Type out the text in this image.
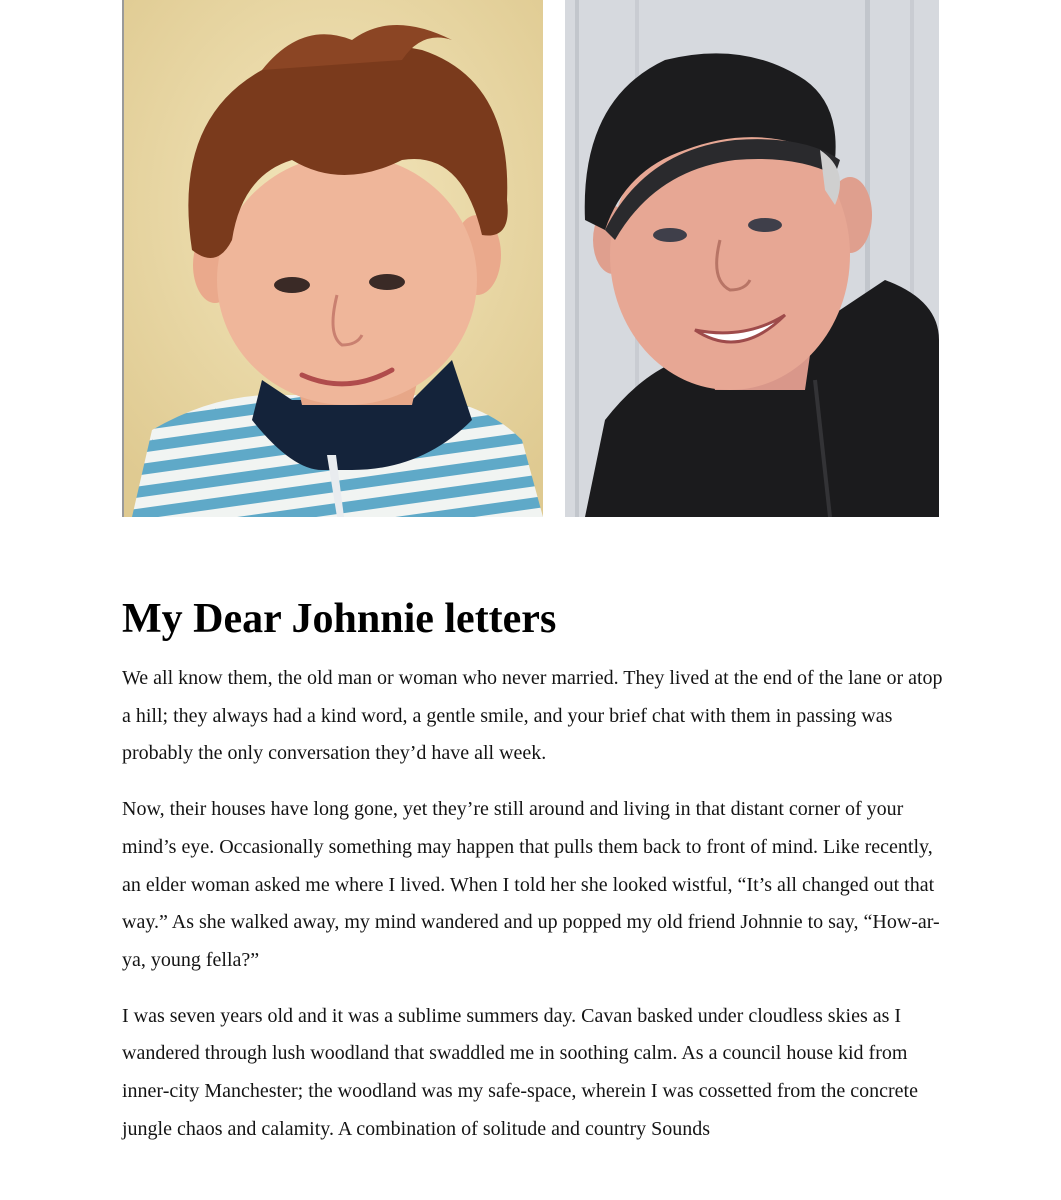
My Dear Johnnie letters

We all know them, the old man or woman who never married. They lived at the end of the lane or atop a hill; they always had a kind word, a gentle smile, and your brief chat with them in passing was probably the only conversation they’d have all week.

Now, their houses have long gone, yet they’re still around and living in that distant corner of your mind’s eye. Occasionally something may happen that pulls them back to front of mind. Like recently, an elder woman asked me where I lived. When I told her she looked wistful, “It’s all changed out that way.” As she walked away, my mind wandered and up popped my old friend Johnnie to say, “How-ar-ya, young fella?”

I was seven years old and it was a sublime summers day. Cavan basked under cloudless skies as I wandered through lush woodland that swaddled me in soothing calm. As a council house kid from inner-city Manchester; the woodland was my safe-space, wherein I was cossetted from the concrete jungle chaos and calamity. A combination of solitude and country Sounds
